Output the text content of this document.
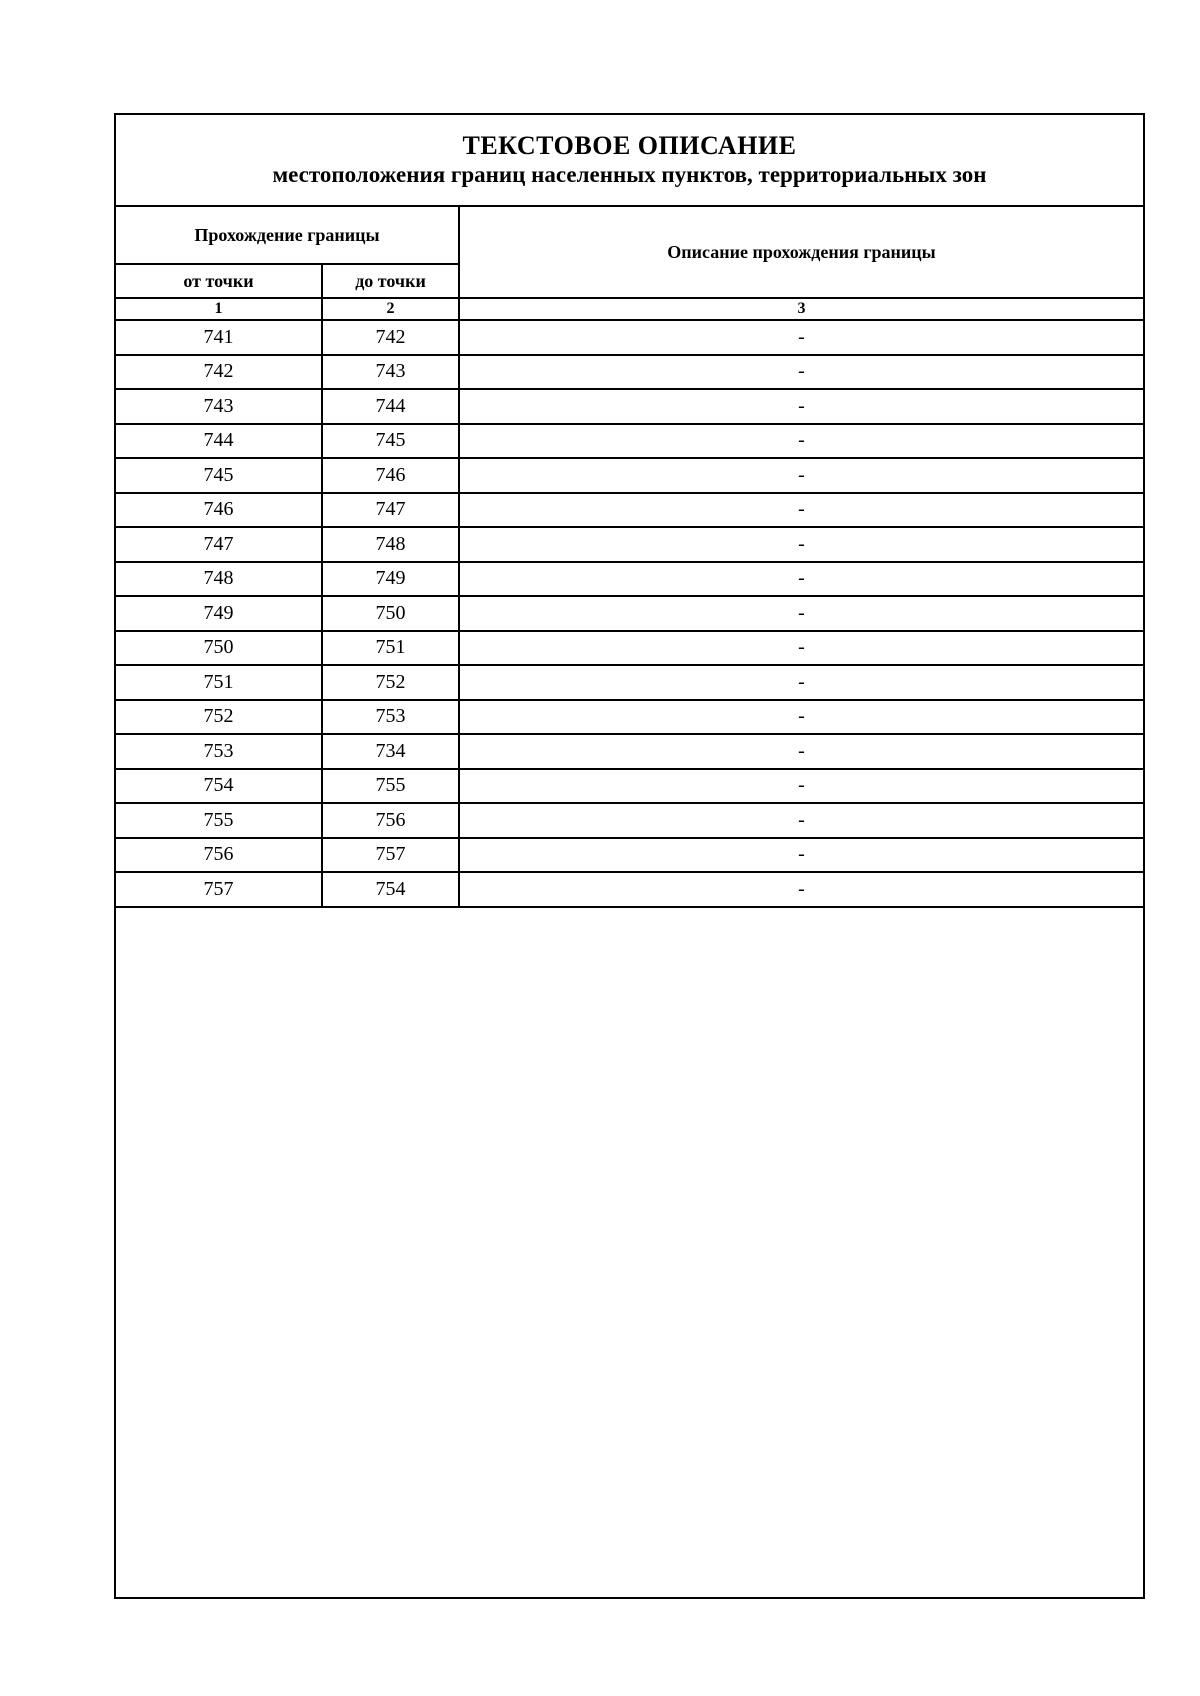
ТЕКСТОВОЕ ОПИСАНИЕ
местоположения границ населенных пунктов, территориальных зон
Прохождение границы		Описание прохождения границы
от точки	до точки	
1	2	3
741	742	-
742	743	-
743	744	-
744	745	-
745	746	-
746	747	-
747	748	-
748	749	-
749	750	-
750	751	-
751	752	-
752	753	-
753	734	-
754	755	-
755	756	-
756	757	-
757	754	-
